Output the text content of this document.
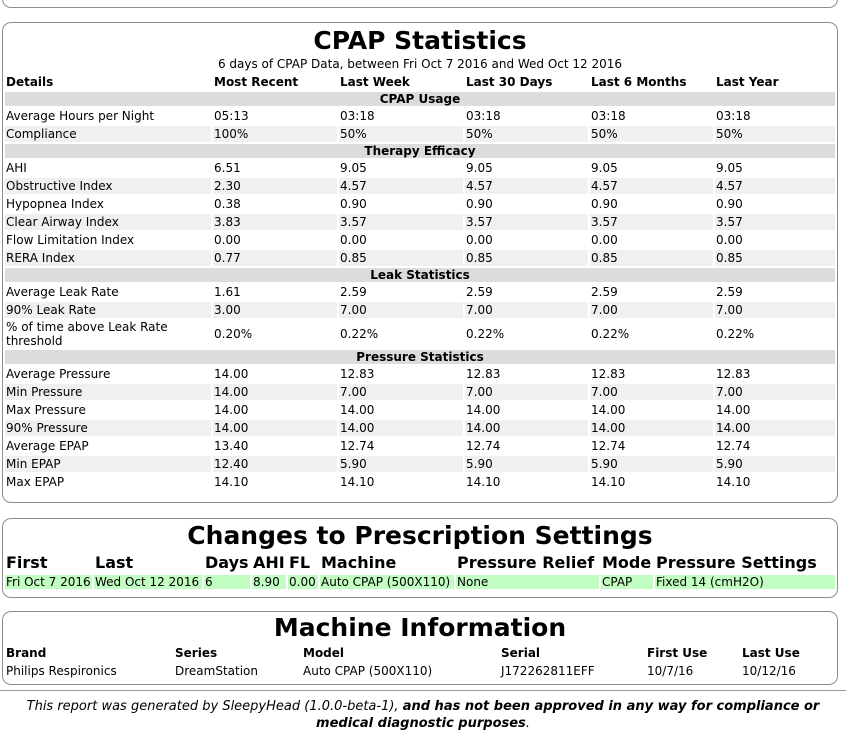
CPAP Statistics
6 days of CPAP Data, between Fri Oct 7 2016 and Wed Oct 12 2016
Details	Most Recent	Last Week	Last 30 Days	Last 6 Months	Last Year
CPAP Usage					
Average Hours per Night	05:13	03:18	03:18	03:18	03:18
Compliance	100%	50%	50%	50%	50%
Therapy Efficacy					
AHI	6.51	9.05	9.05	9.05	9.05
Obstructive Index	2.30	4.57	4.57	4.57	4.57
Hypopnea Index	0.38	0.90	0.90	0.90	0.90
Clear Airway Index	3.83	3.57	3.57	3.57	3.57
Flow Limitation Index	0.00	0.00	0.00	0.00	0.00
RERA Index	0.77	0.85	0.85	0.85	0.85
Leak Statistics					
Average Leak Rate	1.61	2.59	2.59	2.59	2.59
90% Leak Rate	3.00	7.00	7.00	7.00	7.00
% of time above Leak Rate threshold	0.20%	0.22%	0.22%	0.22%	0.22%
Pressure Statistics					
Average Pressure	14.00	12.83	12.83	12.83	12.83
Min Pressure	14.00	7.00	7.00	7.00	7.00
Max Pressure	14.00	14.00	14.00	14.00	14.00
90% Pressure	14.00	14.00	14.00	14.00	14.00
Average EPAP	13.40	12.74	12.74	12.74	12.74
Min EPAP	12.40	5.90	5.90	5.90	5.90
Max EPAP	14.10	14.10	14.10	14.10	14.10
Changes to Prescription Settings
First	Last	Days	AHI	FL	Machine	Pressure Relief	Mode	Pressure Settings
Fri Oct 7 2016	Wed Oct 12 2016	6	8.90	0.00	Auto CPAP (500X110)	None	CPAP	Fixed 14 (cmH2O)
Machine Information
Brand	Series	Model	Serial	First Use	Last Use
Philips Respironics	DreamStation	Auto CPAP (500X110)	J172262811EFF	10/7/16	10/12/16
This report was generated by SleepyHead (1.0.0-beta-1), and has not been approved in any way for compliance or medical diagnostic purposes.
